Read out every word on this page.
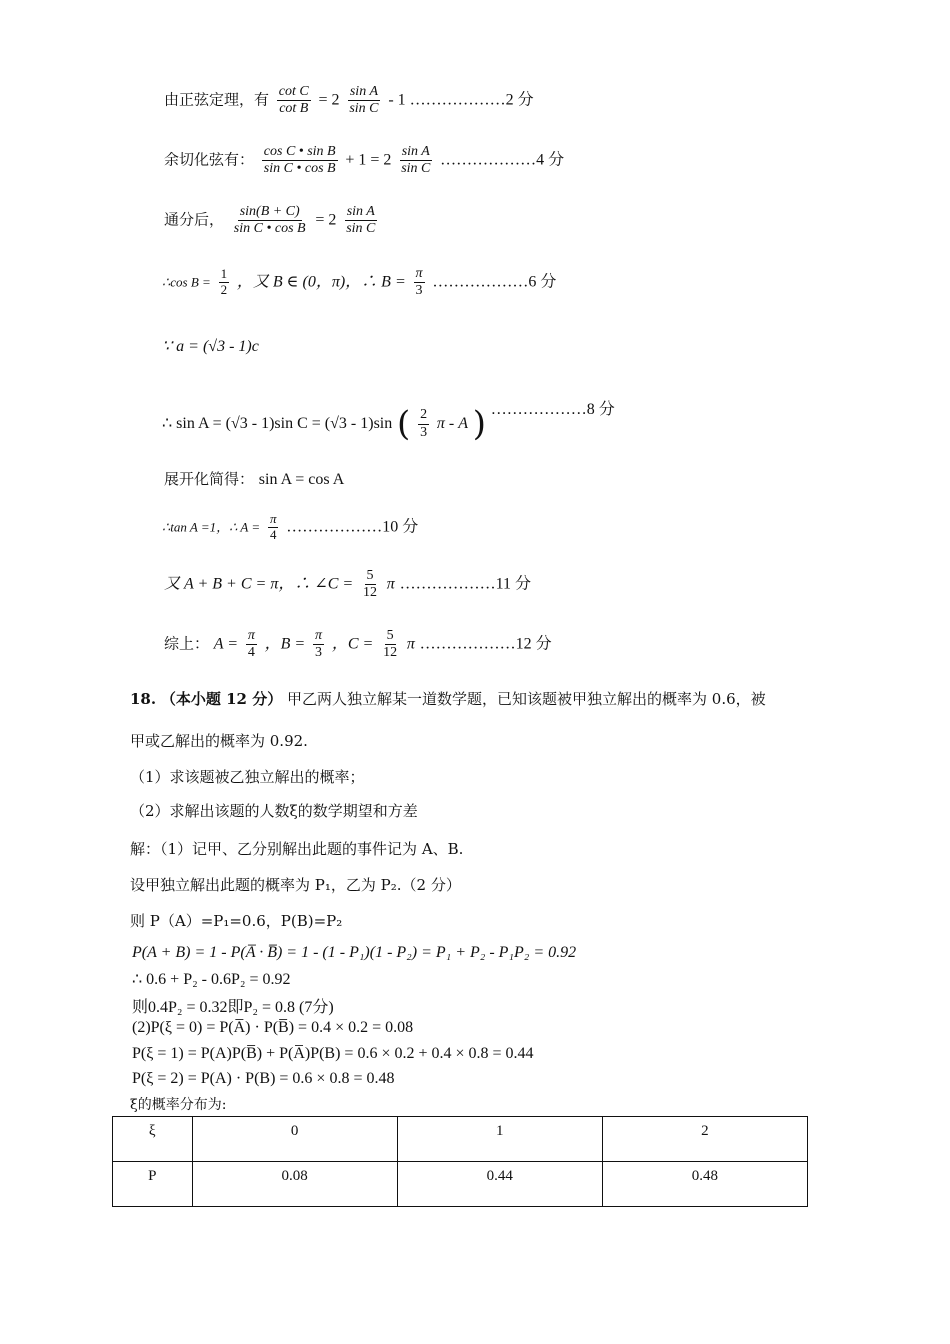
由正弦定理，有 $\frac{\text{cot C}}{\text{cot B}} = 2 \frac{\text{sin A}}{\text{sin C}} - 1$ ………………2 分
余切化弦有： $\frac{\text{cos C • sin B}}{\text{sin C • cos B}} + 1 = 2 \frac{\text{sin A}}{\text{sin C}}$ ………………4 分
通分后， $\frac{\sin(B + C)}{\text{sin C • cos B}} = 2 \frac{\text{sin A}}{\text{sin C}}$
∴cos $B = \frac{1}{2}$ ，又 B ∈ (0，π)，∴ $B = \frac{\pi}{3}$ ………………6 分
∵ a = (√3 - 1)c
∴ sin A = (√3 - 1)sin C = (√3 - 1)sin ( $\frac{2}{3}$ π - A ) ………………8 分
展开化简得： sin A = cos A
∴tan A =1，∴ $A = \frac{\pi}{4}$ ………………10 分
又 A + B + C = π，∴ ∠C = $\frac{5}{12}$ π ………………11 分
综上： $A = \frac{\pi}{4}$ ，$B = \frac{\pi}{3}$ ，$C = \frac{5}{12}$ π ………………12 分
18. （本小题 12 分） 甲乙两人独立解某一道数学题，已知该题被甲独立解出的概率为 0.6，被
甲或乙解出的概率为 0.92.
（1）求该题被乙独立解出的概率；
（2）求解出该题的人数ξ的数学期望和方差
解：（1）记甲、乙分别解出此题的事件记为 A、B.
设甲独立解出此题的概率为 P₁，乙为 P₂.（2 分）
则 P（A）=P₁=0.6，P(B)=P₂
P(A + B) = 1 - P(A̅ · B̅) = 1 - (1 - P₁)(1 - P₂) = P₁ + P₂ - P₁P₂ = 0.92
∴ 0.6 + P₂ - 0.6P₂ = 0.92
则0.4P₂ = 0.32即P₂ = 0.8 (7分)
(2)P(ξ = 0) = P(A̅) · P(B̅) = 0.4 × 0.2 = 0.08
P(ξ = 1) = P(A)P(B̅) + P(A̅)P(B) = 0.6 × 0.2 + 0.4 × 0.8 = 0.44
P(ξ = 2) = P(A) · P(B) = 0.6 × 0.8 = 0.48
ξ的概率分布为:
ξ	0	1	2
P	0.08	0.44	0.48
